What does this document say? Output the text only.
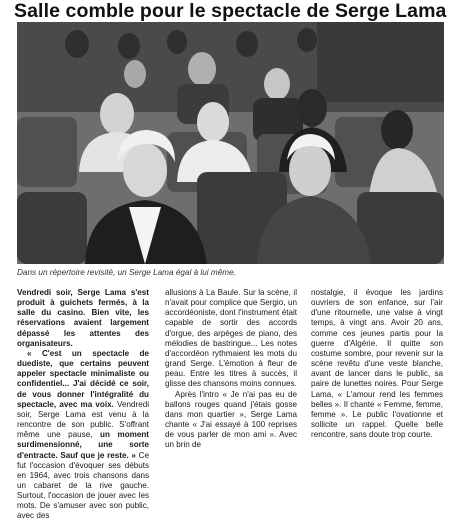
Salle comble pour le spectacle de Serge Lama
Dans un répertoire revisité, un Serge Lama égal à lui même.

Vendredi soir, Serge Lama s'est produit à guichets fermés, à la salle du casino. Bien vite, les réservations avaient largement dépassé les attentes des organisateurs.

« C'est un spectacle de duediste, que certains peuvent appeler spectacle minimaliste ou confidentiel... J'ai décidé ce soir, de vous donner l'intégralité du spectacle, avec ma voix. Vendredi soir, Serge Lama est venu à la rencontre de son public. S'offrant même une pause, un moment surdimensionné, une sorte d'entracte. Sauf que je reste. » Ce fut l'occasion d'évoquer ses débuts en 1964, avec trois chansons dans un cabaret de la rive gauche. Surtout, l'occasion de jouer avec les mots. De s'amuser avec son public, avec des

allusions à La Baule. Sur la scène, il n'avait pour complice que Sergio, un accordéoniste, dont l'instrument était capable de sortir des accords d'orgue, des arpèges de piano, des mélodies de bastringue... Les notes d'accordéon rythmaient les mots du grand Serge. L'émotion à fleur de peau. Entre les titres à succès, il glisse des chansons moins connues.

Après l'intro « Je n'ai pas eu de ballons rouges quand j'étais gosse dans mon quartier », Serge Lama chante « J'ai essayé à 100 reprises de vous parler de mon ami ». Avec un brin de

nostalgie, il évoque les jardins ouvriers de son enfance, sur l'air d'une ritournelle, une valse à vingt temps, à vingt ans. Avoir 20 ans, comme ces jeunes partis pour la guerre d'Algérie. Il quitte son costume sombre, pour revenir sur la scène revêtu d'une veste blanche, avant de lancer dans le public, sa paire de lunettes noires. Pour Serge Lama, « L'amour rend les femmes belles ». Il chante « Femme, femme, femme ». Le public l'ovationne et sollicite un rappel. Quelle belle rencontre, sans doute trop courte.
